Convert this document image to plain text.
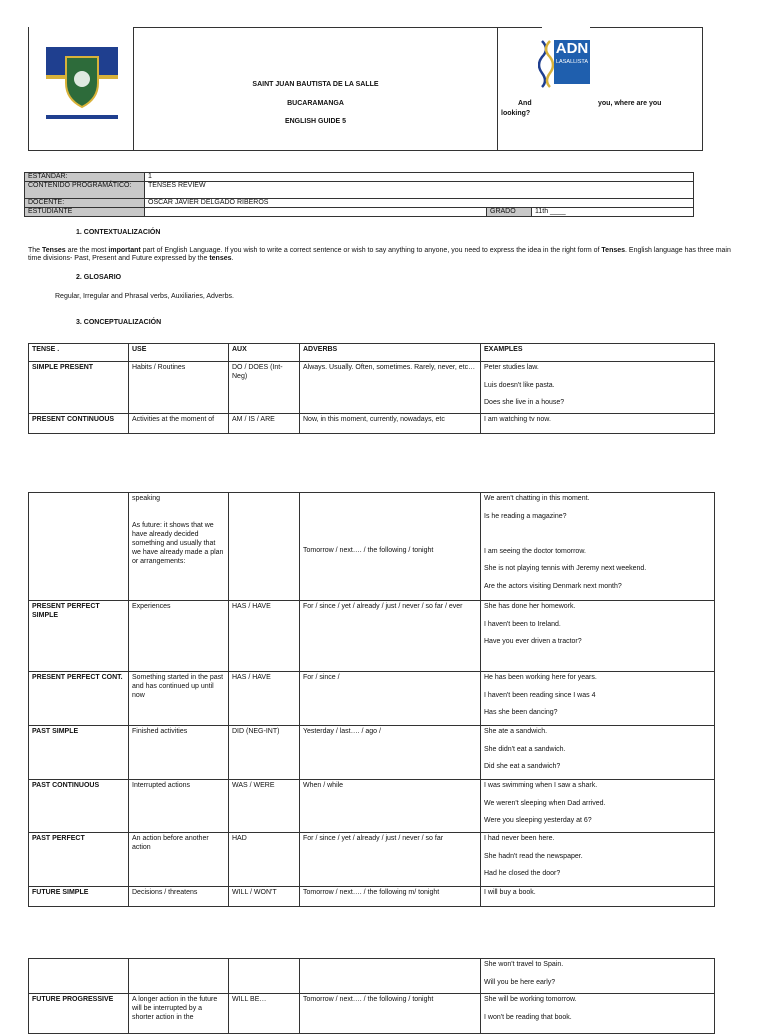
SAINT JUAN BAUTISTA DE LA SALLE
BUCARAMANGA
ENGLISH GUIDE 5
ADN
LASALLISTA
And	you, where are you
looking?
ESTANDAR:	1		
CONTENIDO PROGRAMÁTICO:	TENSES REVIEW		
DOCENTE:	OSCAR JAVIER DELGADO RIBEROS		
ESTUDIANTE		GRADO	11th ____
1. CONTEXTUALIZACIÓN
The Tenses are the most important part of English Language. If you wish to write a correct sentence or wish to say anything to anyone, you need to express the idea in the right form of Tenses. English language has three main time divisions- Past, Present and Future expressed by the tenses.
2. GLOSARIO
Regular, Irregular and Phrasal verbs, Auxiliaries, Adverbs.
3. CONCEPTUALIZACIÓN
TENSE .	USE	AUX	ADVERBS	EXAMPLES
SIMPLE PRESENT	Habits / Routines	DO / DOES (Int-Neg)	Always. Usually. Often, sometimes. Rarely, never, etc…	Peter studies law.
Luis doesn't like pasta.
Does she live in a house?

PRESENT CONTINUOUS	Activities at the moment of	AM / IS / ARE	Now, in this moment, currently, nowadays, etc	I am watching tv now.

	speaking
As future: it shows that we have already decided something and usually that we have already made a plan or arrangements:		Tomorrow / next…. / the following / tonight	We aren't chatting in this moment.
Is he reading a magazine?
I am seeing the doctor tomorrow.
She is not playing tennis with Jeremy next weekend.
Are the actors visiting Denmark next month?

PRESENT PERFECT SIMPLE	Experiences	HAS / HAVE	For / since / yet / already / just / never / so far / ever	She has done her homework.
I haven't been to Ireland.
Have you ever driven a tractor?

PRESENT PERFECT CONT.	Something started in the past and has continued up until now	HAS / HAVE	For / since /	He has been working here for years.
I haven't been reading since I was 4
Has she been dancing?

PAST SIMPLE	Finished activities	DID (NEG-INT)	Yesterday / last…. / ago /	She ate a sandwich.
She didn't eat a sandwich.
Did she eat a sandwich?

PAST CONTINUOUS	Interrupted actions	WAS / WERE	When / while	I was swimming when I saw a shark.
We weren't sleeping when Dad arrived.
Were you sleeping yesterday at 6?

PAST PERFECT	An action before another action	HAD	For / since / yet / already / just / never / so far	I had never been here.
She hadn't read the newspaper.
Had he closed the door?

FUTURE SIMPLE	Decisions / threatens	WILL / WON'T	Tomorrow / next…. / the following m/ tonight	I will buy a book.

				She won't travel to Spain.
Will you be here early?

FUTURE PROGRESSIVE	A longer action in the future will be interrupted by a shorter action in the	WILL BE…	Tomorrow / next…. / the following / tonight	She will be working tomorrow.
I won't be reading that book.
